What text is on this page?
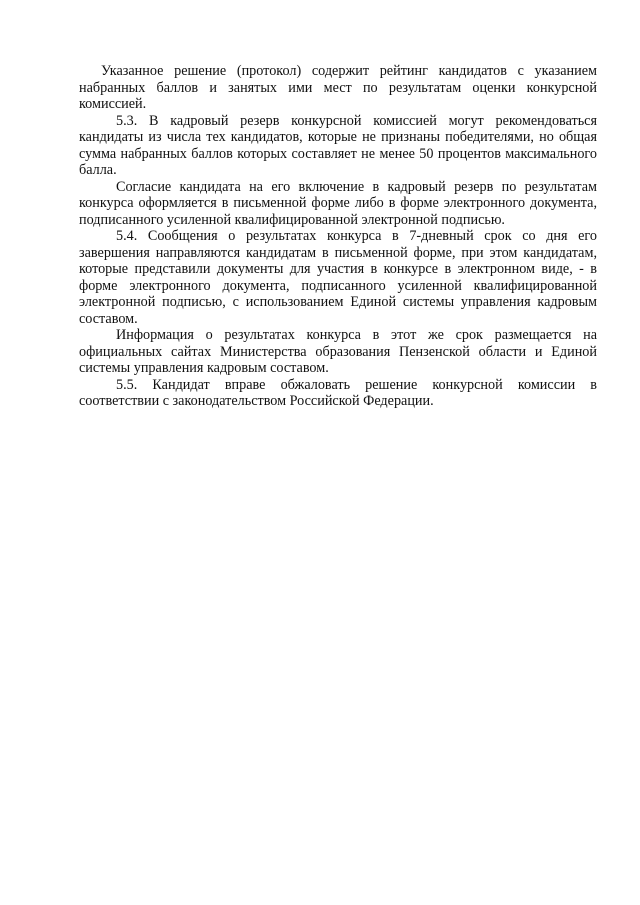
Указанное решение (протокол) содержит рейтинг кандидатов с указанием набранных баллов и занятых ими мест по результатам оценки конкурсной комиссией.

5.3. В кадровый резерв конкурсной комиссией могут рекомендоваться кандидаты из числа тех кандидатов, которые не признаны победителями, но общая сумма набранных баллов которых составляет не менее 50 процентов максимального балла.

Согласие кандидата на его включение в кадровый резерв по результатам конкурса оформляется в письменной форме либо в форме электронного документа, подписанного усиленной квалифицированной электронной подписью.

5.4. Сообщения о результатах конкурса в 7-дневный срок со дня его завершения направляются кандидатам в письменной форме, при этом кандидатам, которые представили документы для участия в конкурсе в электронном виде, - в форме электронного документа, подписанного усиленной квалифицированной электронной подписью, с использованием Единой системы управления кадровым составом.

Информация о результатах конкурса в этот же срок размещается на официальных сайтах Министерства образования Пензенской области и Единой системы управления кадровым составом.

5.5. Кандидат вправе обжаловать решение конкурсной комиссии в соответствии с законодательством Российской Федерации.
